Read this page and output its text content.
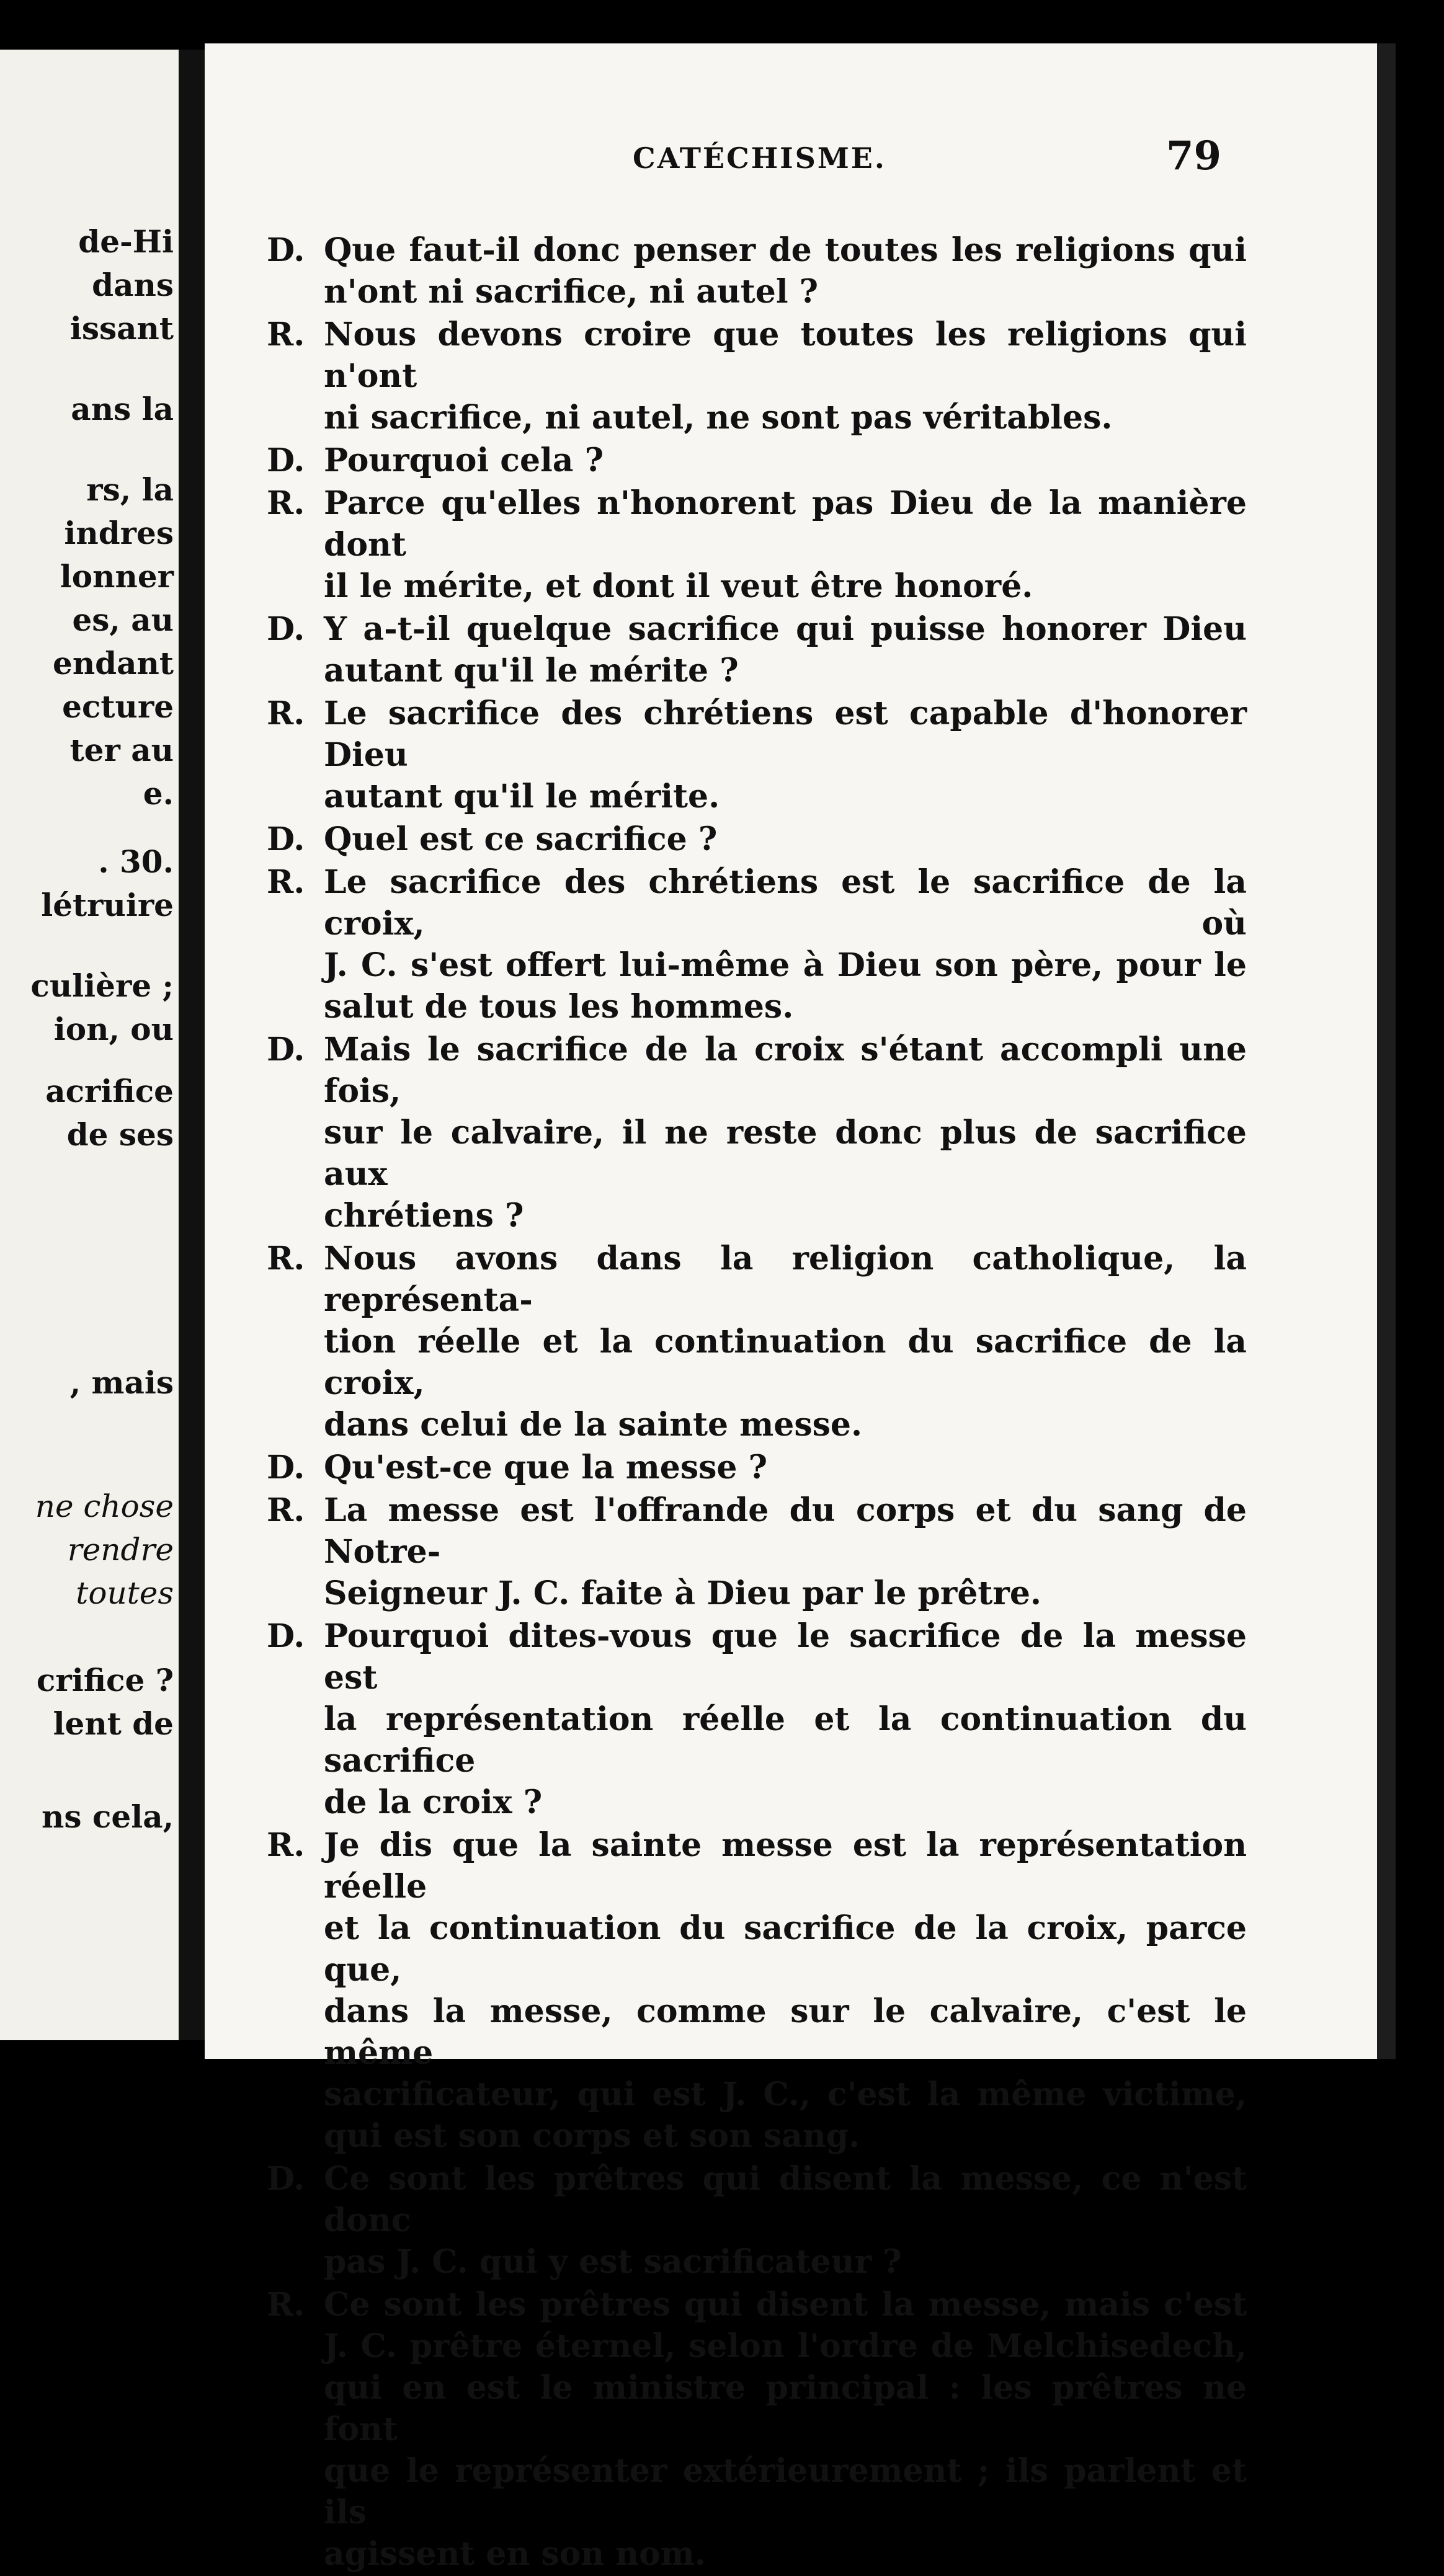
de-Hi
dans
issant
ans la
rs, la
indres
lonner
es, au
endant
ecture
ter au
e.
. 30.
létruire
culière ;
ion, ou
acrifice
de ses
, mais
ne chose
rendre
toutes
crifice ?
lent de
ns cela,
CATÉCHISME.	79
D. Que faut-il donc penser de toutes les religions qui
n'ont ni sacrifice, ni autel ?
R. Nous devons croire que toutes les religions qui n'ont
ni sacrifice, ni autel, ne sont pas véritables.
D. Pourquoi cela ?
R. Parce qu'elles n'honorent pas Dieu de la manière dont
il le mérite, et dont il veut être honoré.
D. Y a-t-il quelque sacrifice qui puisse honorer Dieu
autant qu'il le mérite ?
R. Le sacrifice des chrétiens est capable d'honorer Dieu
autant qu'il le mérite.
D. Quel est ce sacrifice ?
R. Le sacrifice des chrétiens est le sacrifice de la croix, où
J. C. s'est offert lui-même à Dieu son père, pour le
salut de tous les hommes.
D. Mais le sacrifice de la croix s'étant accompli une fois,
sur le calvaire, il ne reste donc plus de sacrifice aux
chrétiens ?
R. Nous avons dans la religion catholique, la représenta-
tion réelle et la continuation du sacrifice de la croix,
dans celui de la sainte messe.
D. Qu'est-ce que la messe ?
R. La messe est l'offrande du corps et du sang de Notre-
Seigneur J. C. faite à Dieu par le prêtre.
D. Pourquoi dites-vous que le sacrifice de la messe est
la représentation réelle et la continuation du sacrifice
de la croix ?
R. Je dis que la sainte messe est la représentation réelle
et la continuation du sacrifice de la croix, parce que,
dans la messe, comme sur le calvaire, c'est le même
sacrificateur, qui est J. C., c'est la même victime,
qui est son corps et son sang.
D. Ce sont les prêtres qui disent la messe, ce n'est donc
pas J. C. qui y est sacrificateur ?
R. Ce sont les prêtres qui disent la messe, mais c'est
J. C. prêtre éternel, selon l'ordre de Melchisedech,
qui en est le ministre principal : les prêtres ne font
que le représenter extérieurement ; ils parlent et ils
agissent en son nom.
